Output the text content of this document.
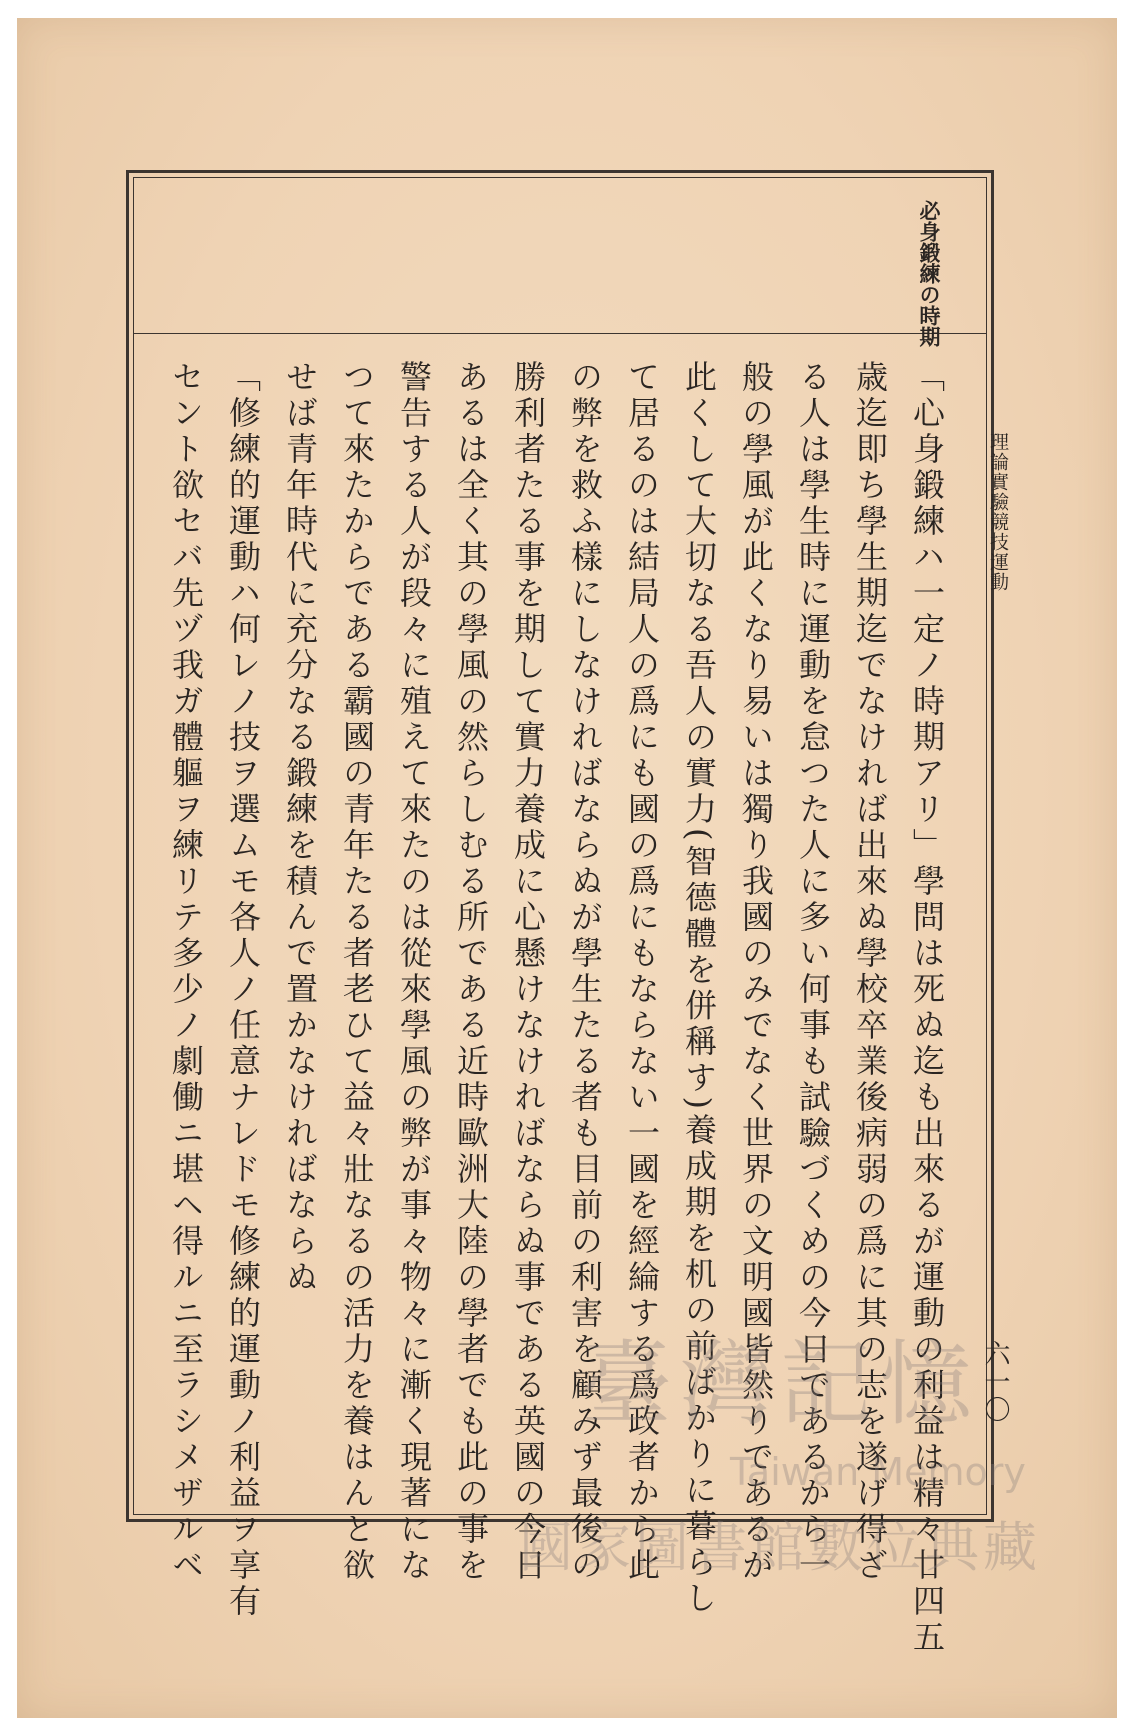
理論實驗競技運動
必身鍛練の時期
「心身鍛練ハ一定ノ時期アリ」學問は死ぬ迄も出來るが運動の利益は精々廿四五
歳迄即ち學生期迄でなければ出來ぬ學校卒業後病弱の爲に其の志を遂げ得ざ
る人は學生時に運動を怠つた人に多い何事も試驗づくめの今日であるから一
般の學風が此くなり易いは獨り我國のみでなく世界の文明國皆然りであるが
此くして大切なる吾人の實力(智德體を併稱す)養成期を机の前ばかりに暮らし
て居るのは結局人の爲にも國の爲にもならない一國を經綸する爲政者から此
の弊を救ふ樣にしなければならぬが學生たる者も目前の利害を顧みず最後の
勝利者たる事を期して實力養成に心懸けなければならぬ事である英國の今日
あるは全く其の學風の然らしむる所である近時歐洲大陸の學者でも此の事を
警告する人が段々に殖えて來たのは從來學風の弊が事々物々に漸く現著にな
つて來たからである霸國の青年たる者老ひて益々壯なるの活力を養はんと欲
せば青年時代に充分なる鍛練を積んで置かなければならぬ
「修練的運動ハ何レノ技ヲ選ムモ各人ノ任意ナレドモ修練的運動ノ利益ヲ享有
セント欲セバ先ヅ我ガ體軀ヲ練リテ多少ノ劇働ニ堪ヘ得ルニ至ラシメザルベ	六一〇
臺灣記憶
Taiwan Memory
國家圖書館數位典藏
